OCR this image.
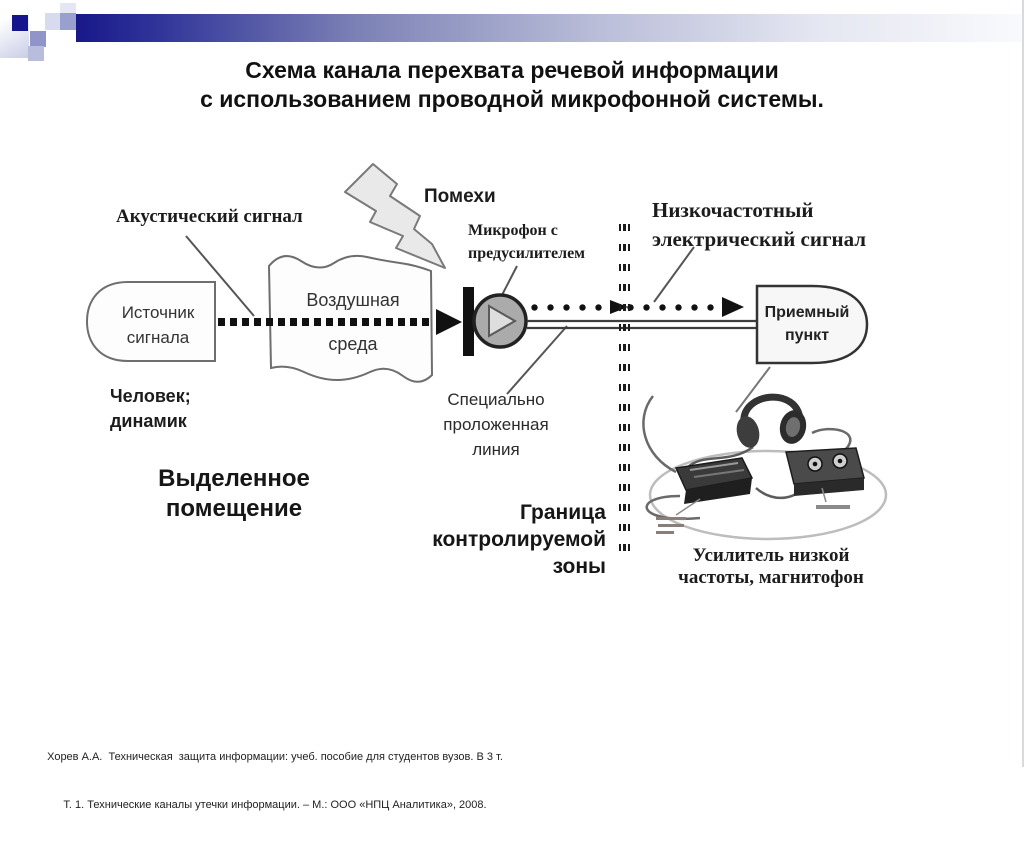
Схема канала перехвата речевой информации
с использованием проводной микрофонной системы.
Акустический сигнал
Помехи
Микрофон с
предусилителем
Низкочастотный
электрический сигнал
Источник
сигнала
Воздушная
среда
Человек;
динамик
Выделенное
помещение
Специально
проложенная
линия
Граница
контролируемой
зоны
Приемный
пункт
Усилитель низкой
частоты, магнитофон

Хорев А.А.  Техническая  защита информации: учеб. пособие для студентов вузов. В 3 т.

Т. 1. Технические каналы утечки информации. – М.: ООО «НПЦ Аналитика», 2008.
